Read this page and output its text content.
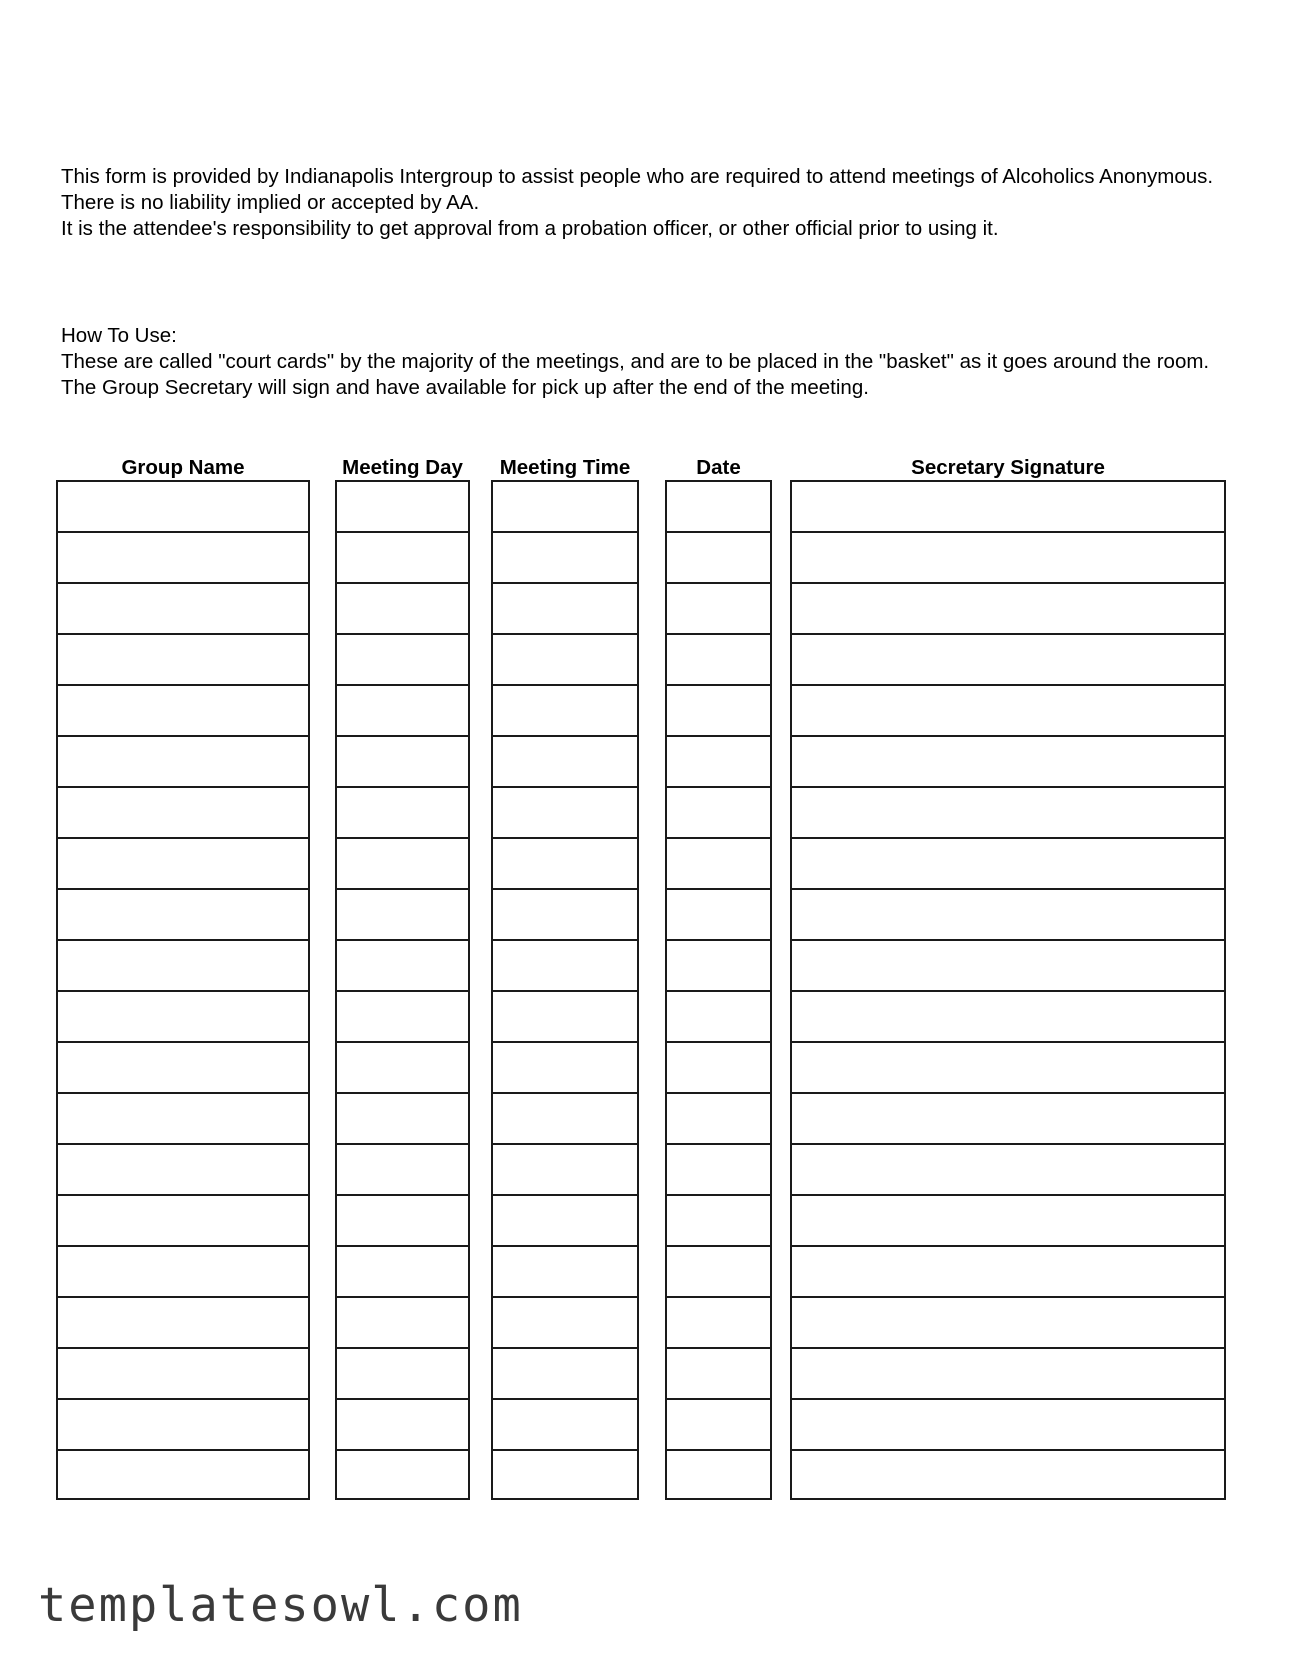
This form is provided by Indianapolis Intergroup to assist people who are required to attend meetings of Alcoholics Anonymous. There is no liability implied or accepted by AA.

It is the attendee's responsibility to get approval from a probation officer, or other official prior to using it.

How To Use:

These are called "court cards" by the majority of the meetings, and are to be placed in the "basket" as it goes around the room.

The Group Secretary will sign and have available for pick up after the end of the meeting.

Group Name	Meeting Day	Meeting Time	Date	Secretary Signature
templatesowl.com
